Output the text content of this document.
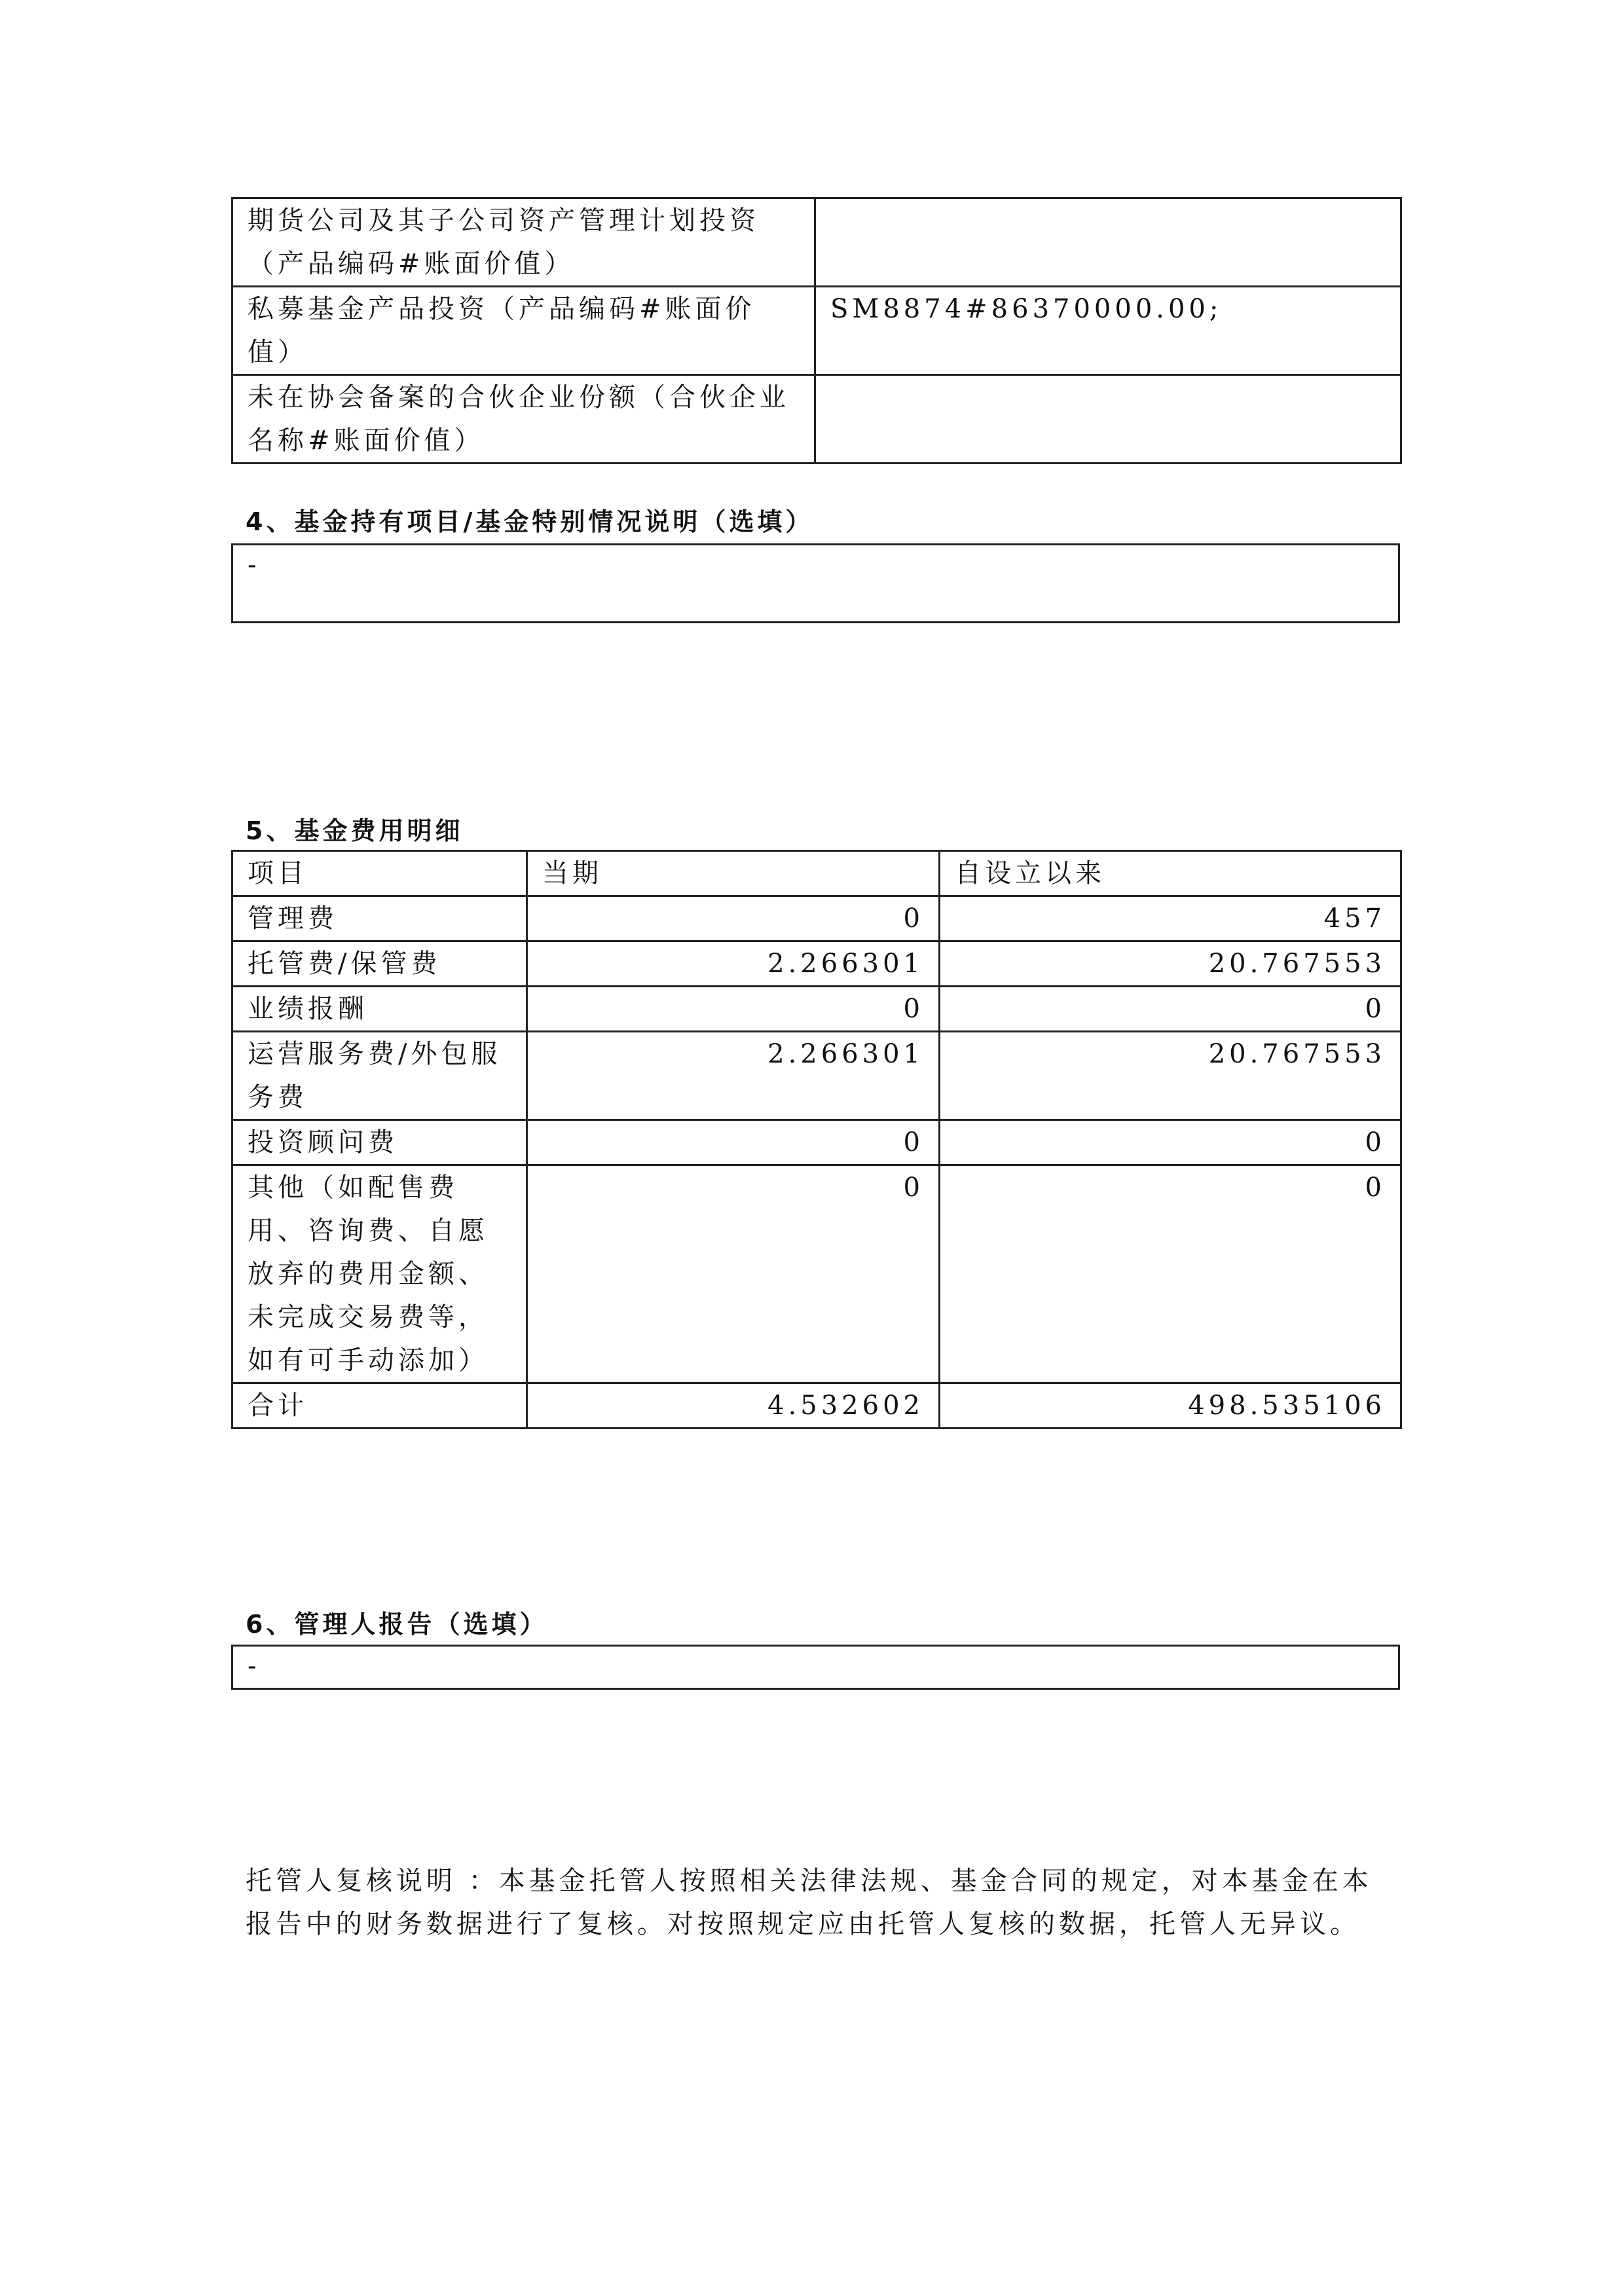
期货公司及其子公司资产管理计划投资（产品编码#账面价值）	
私募基金产品投资（产品编码#账面价值）	SM8874#86370000.00;
未在协会备案的合伙企业份额（合伙企业名称#账面价值）	
4、基金持有项目/基金特别情况说明（选填）
-
5、基金费用明细
项目	当期	自设立以来
管理费	0	457
托管费/保管费	2.266301	20.767553
业绩报酬	0	0
运营服务费/外包服务费	2.266301	20.767553
投资顾问费	0	0
其他（如配售费用、咨询费、自愿放弃的费用金额、未完成交易费等，如有可手动添加）	0	0
合计	4.532602	498.535106
6、管理人报告（选填）
-
托管人复核说明 ：本基金托管人按照相关法律法规、基金合同的规定，对本基金在本报告中的财务数据进行了复核。对按照规定应由托管人复核的数据，托管人无异议。
